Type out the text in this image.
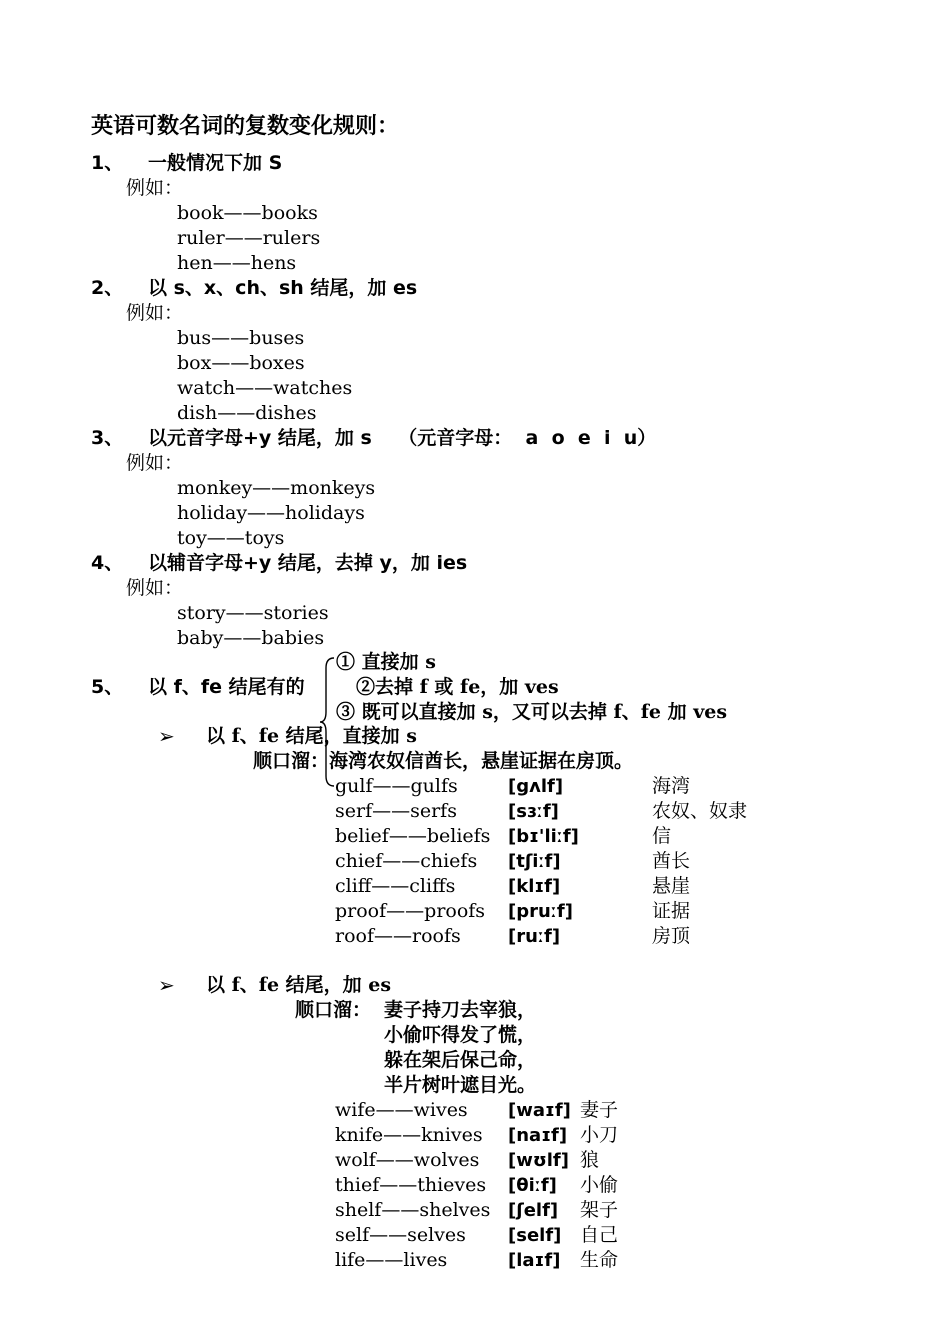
英语可数名词的复数变化规则：
1、 一般情况下加 S
例如：
book——books
ruler——rulers
hen——hens
2、 以 s、x、ch、sh 结尾，加 es
例如：
bus——buses
box——boxes
watch——watches
dish——dishes
3、 以元音字母+y 结尾，加 s    （元音字母：  a  o  e  i  u）
例如：
monkey——monkeys
holiday——holidays
toy——toys
4、 以辅音字母+y 结尾，去掉 y，加 ies
例如：
story——stories
baby——babies
5、 以 f、fe 结尾有的
① 直接加 s
②去掉 f 或 fe，加 ves
③ 既可以直接加 s，又可以去掉 f、fe 加 ves
➢ 以 f、fe 结尾，直接加 s
顺口溜：海湾农奴信酋长，悬崖证据在房顶。
gulf——gulfs	[gʌlf]	海湾
serf——serfs	[sɜːf]	农奴、奴隶
belief——beliefs [bɪ'liːf]	信
chief——chiefs [tʃiːf]	酋长
cliff——cliffs	[klɪf]	悬崖
proof——proofs [pruːf]	证据
roof——roofs	[ruːf]	房顶
➢ 以 f、fe 结尾，加 es
顺口溜： 妻子持刀去宰狼，
小偷吓得发了慌，
躲在架后保己命，
半片树叶遮目光。
wife——wives [waɪf] 妻子
knife——knives [naɪf] 小刀
wolf——wolves [wʊlf] 狼
thief——thieves [θiːf] 小偷
shelf——shelves [ʃelf] 架子
self——selves [self] 自己
life——lives	[laɪf] 生命
